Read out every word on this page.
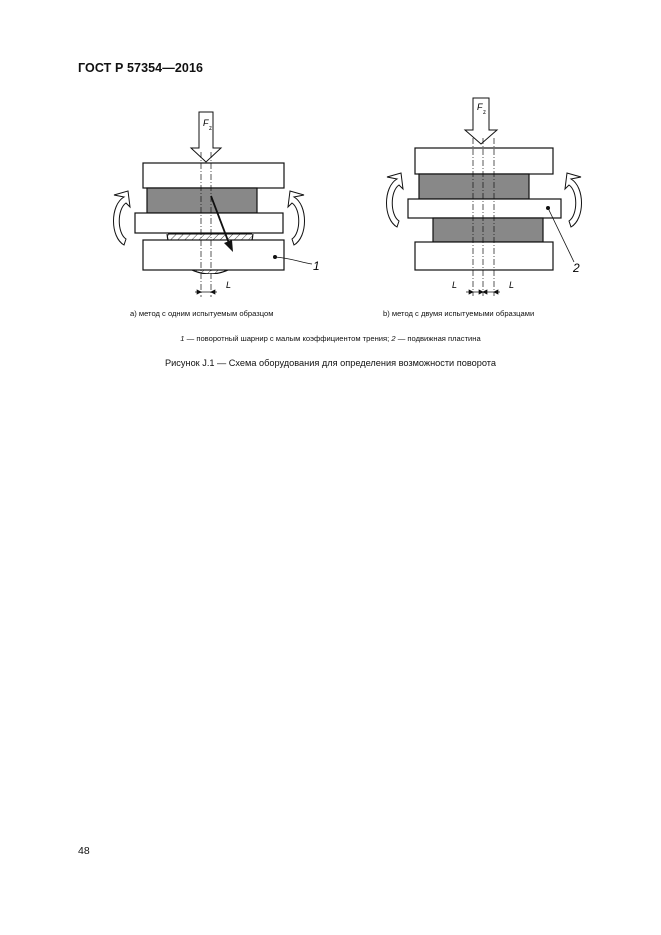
ГОСТ Р 57354—2016
F
z
L
1
F
z
L	L
2
а) метод с одним испытуемым образцом	b) метод с двумя испытуемыми образцами
1 — поворотный шарнир с малым коэффициентом трения; 2 — подвижная пластина
Рисунок J.1 — Схема оборудования для определения возможности поворота
48
